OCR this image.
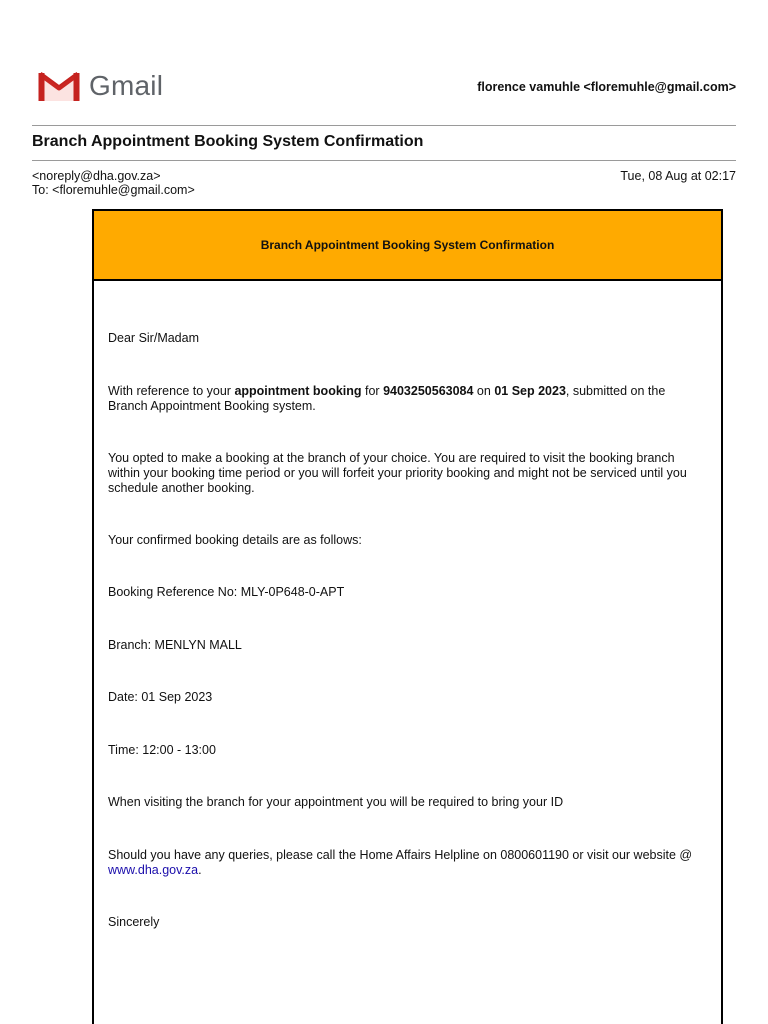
Gmail	florence vamuhle <floremuhle@gmail.com>
Branch Appointment Booking System Confirmation
<noreply@dha.gov.za>
To: <floremuhle@gmail.com>
Tue, 08 Aug at 02:17
Branch Appointment Booking System Confirmation
Dear Sir/Madam
With reference to your appointment booking for 9403250563084 on 01 Sep 2023, submitted on the Branch Appointment Booking system.
You opted to make a booking at the branch of your choice. You are required to visit the booking branch within your booking time period or you will forfeit your priority booking and might not be serviced until you schedule another booking.
Your confirmed booking details are as follows:
Booking Reference No: MLY-0P648-0-APT
Branch: MENLYN MALL
Date: 01 Sep 2023
Time: 12:00 - 13:00
When visiting the branch for your appointment you will be required to bring your ID
Should you have any queries, please call the Home Affairs Helpline on 0800601190 or visit our website @ www.dha.gov.za.
Sincerely
